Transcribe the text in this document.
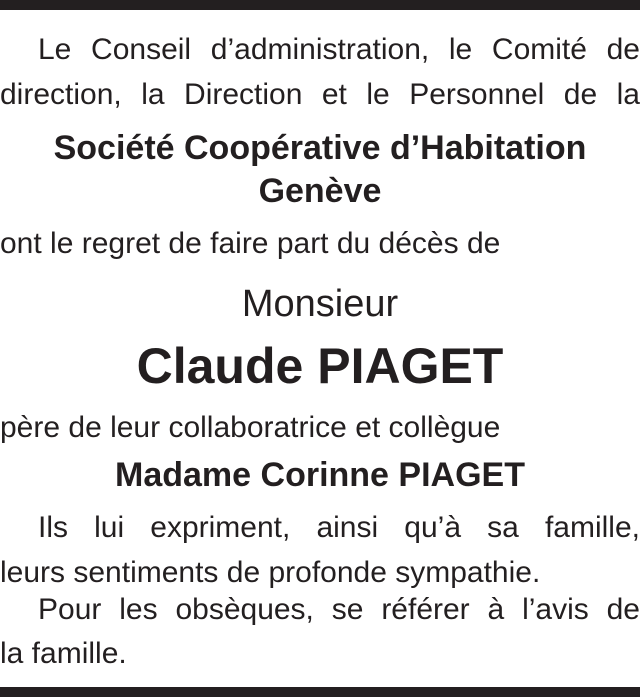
Le Conseil d’administration, le Comité de
direction, la Direction et le Personnel de la
Société Coopérative d’Habitation
Genève
ont le regret de faire part du décès de
Monsieur
Claude PIAGET
père de leur collaboratrice et collègue
Madame Corinne PIAGET
Ils lui expriment, ainsi qu’à sa famille,
leurs sentiments de profonde sympathie.
Pour les obsèques, se référer à l’avis de
la famille.
